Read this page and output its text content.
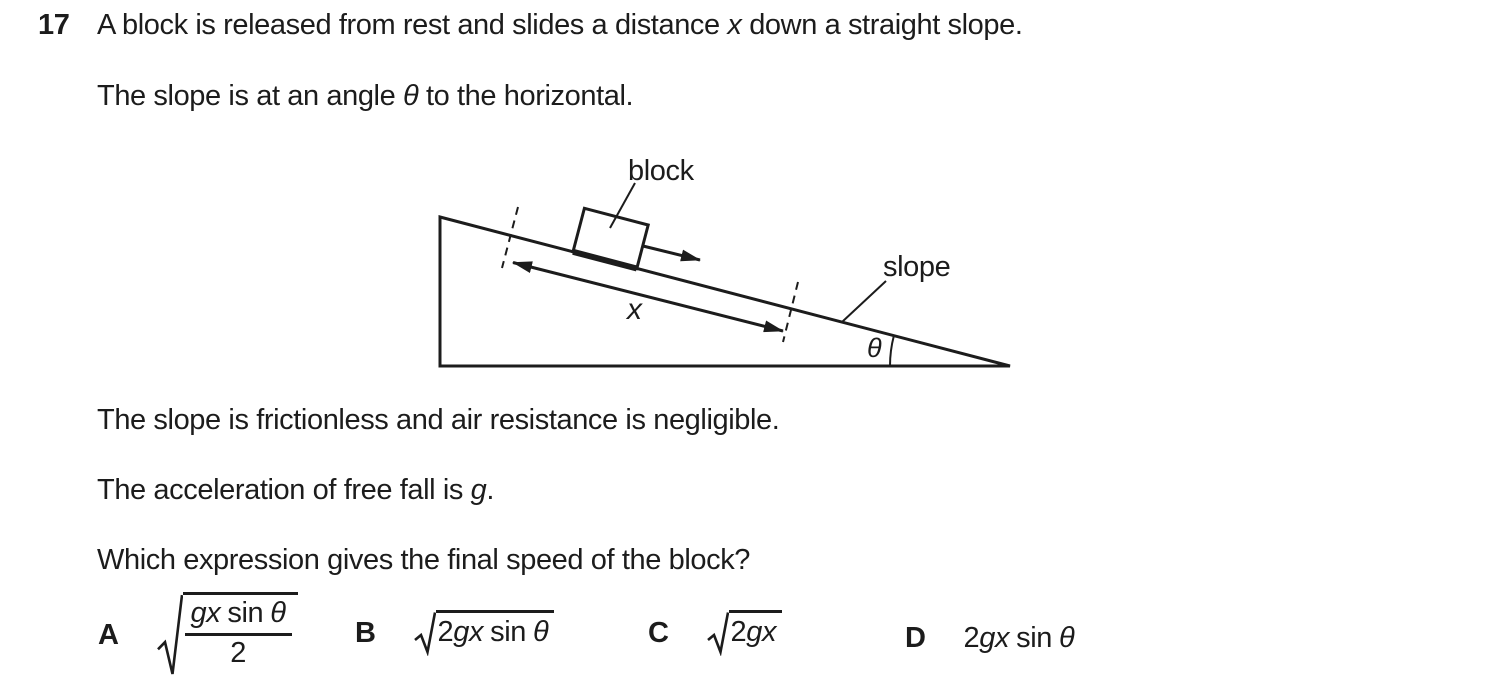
17 A block is released from rest and slides a distance x down a straight slope.

The slope is at an angle θ to the horizontal.

block
slope
x
θ

The slope is frictionless and air resistance is negligible.

The acceleration of free fall is g.

Which expression gives the final speed of the block?

A $\frac{\text{gx sin θ}}{2}$ B 2gx sin θ	C 2gx	D 2gx sin θ
